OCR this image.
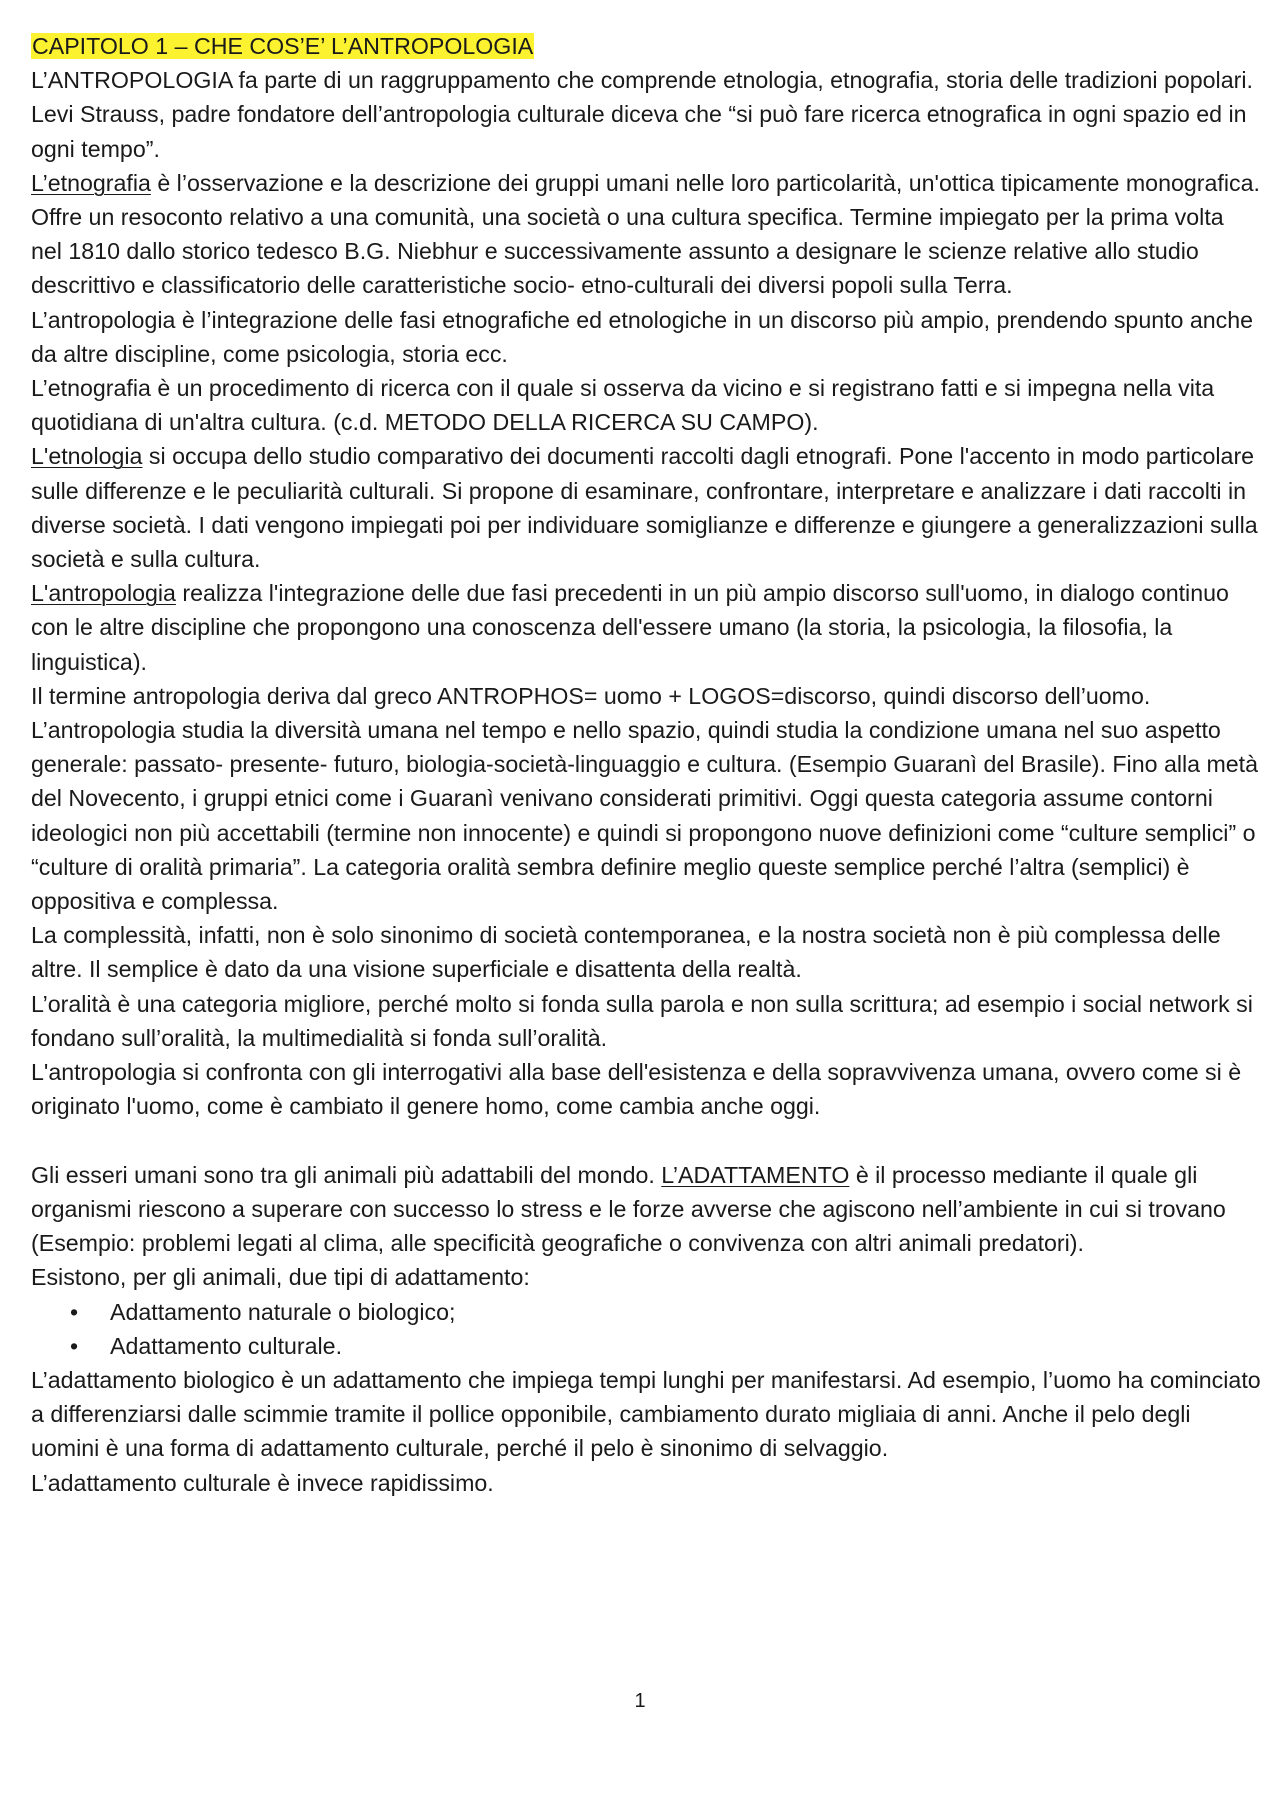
CAPITOLO 1 – CHE COS’E’ L’ANTROPOLOGIA

L’ANTROPOLOGIA fa parte di un raggruppamento che comprende etnologia, etnografia, storia delle tradizioni popolari.

Levi Strauss, padre fondatore dell’antropologia culturale diceva che “si può fare ricerca etnografica in ogni spazio ed in ogni tempo”.

L’etnografia è l’osservazione e la descrizione dei gruppi umani nelle loro particolarità, un'ottica tipicamente monografica. Offre un resoconto relativo a una comunità, una società o una cultura specifica. Termine impiegato per la prima volta nel 1810 dallo storico tedesco B.G. Niebhur e successivamente assunto a designare le scienze relative allo studio descrittivo e classificatorio delle caratteristiche socio- etno-culturali dei diversi popoli sulla Terra.

L’antropologia è l’integrazione delle fasi etnografiche ed etnologiche in un discorso più ampio, prendendo spunto anche da altre discipline, come psicologia, storia ecc.

L’etnografia è un procedimento di ricerca con il quale si osserva da vicino e si registrano fatti e si impegna nella vita quotidiana di un'altra cultura. (c.d. METODO DELLA RICERCA SU CAMPO).

L'etnologia si occupa dello studio comparativo dei documenti raccolti dagli etnografi. Pone l'accento in modo particolare sulle differenze e le peculiarità culturali. Si propone di esaminare, confrontare, interpretare e analizzare i dati raccolti in diverse società. I dati vengono impiegati poi per individuare somiglianze e differenze e giungere a generalizzazioni sulla società e sulla cultura.

L'antropologia realizza l'integrazione delle due fasi precedenti in un più ampio discorso sull'uomo, in dialogo continuo con le altre discipline che propongono una conoscenza dell'essere umano (la storia, la psicologia, la filosofia, la linguistica).

Il termine antropologia deriva dal greco ANTROPHOS= uomo + LOGOS=discorso, quindi discorso dell’uomo.

L’antropologia studia la diversità umana nel tempo e nello spazio, quindi studia la condizione umana nel suo aspetto generale: passato- presente- futuro, biologia-società-linguaggio e cultura. (Esempio Guaranì del Brasile). Fino alla metà del Novecento, i gruppi etnici come i Guaranì venivano considerati primitivi. Oggi questa categoria assume contorni ideologici non più accettabili (termine non innocente) e quindi si propongono nuove definizioni come “culture semplici” o “culture di oralità primaria”. La categoria oralità sembra definire meglio queste semplice perché l’altra (semplici) è oppositiva e complessa.

La complessità, infatti, non è solo sinonimo di società contemporanea, e la nostra società non è più complessa delle altre. Il semplice è dato da una visione superficiale e disattenta della realtà.

L’oralità è una categoria migliore, perché molto si fonda sulla parola e non sulla scrittura; ad esempio i social network si fondano sull’oralità, la multimedialità si fonda sull’oralità.

L'antropologia si confronta con gli interrogativi alla base dell'esistenza e della sopravvivenza umana, ovvero come si è originato l'uomo, come è cambiato il genere homo, come cambia anche oggi.

Gli esseri umani sono tra gli animali più adattabili del mondo. L’ADATTAMENTO è il processo mediante il quale gli organismi riescono a superare con successo lo stress e le forze avverse che agiscono nell’ambiente in cui si trovano (Esempio: problemi legati al clima, alle specificità geografiche o convivenza con altri animali predatori).

Esistono, per gli animali, due tipi di adattamento:

• Adattamento naturale o biologico;
• Adattamento culturale.

L’adattamento biologico è un adattamento che impiega tempi lunghi per manifestarsi. Ad esempio, l’uomo ha cominciato a differenziarsi dalle scimmie tramite il pollice opponibile, cambiamento durato migliaia di anni. Anche il pelo degli uomini è una forma di adattamento culturale, perché il pelo è sinonimo di selvaggio.

L’adattamento culturale è invece rapidissimo.

1
